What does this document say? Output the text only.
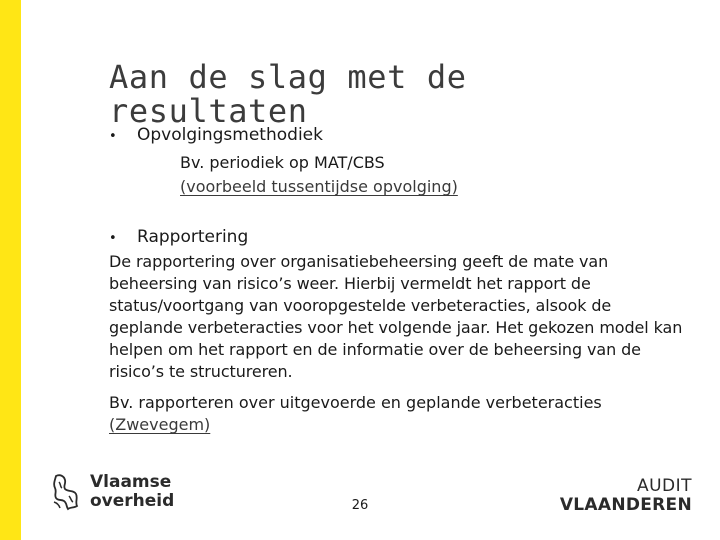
Aan de slag met de resultaten
• Opvolgingsmethodiek
Bv. periodiek op MAT/CBS
(voorbeeld tussentijdse opvolging)
• Rapportering

De rapportering over organisatiebeheersing geeft de mate van beheersing van risico’s weer. Hierbij vermeldt het rapport de status/voortgang van vooropgestelde verbeteracties, alsook de geplande verbeteracties voor het volgende jaar. Het gekozen model kan helpen om het rapport en de informatie over de beheersing van de risico’s te structureren.

Bv. rapporteren over uitgevoerde en geplande verbeteracties
(Zwevegem)
Vlaamse
overheid	26
AUDIT
VLAANDEREN
